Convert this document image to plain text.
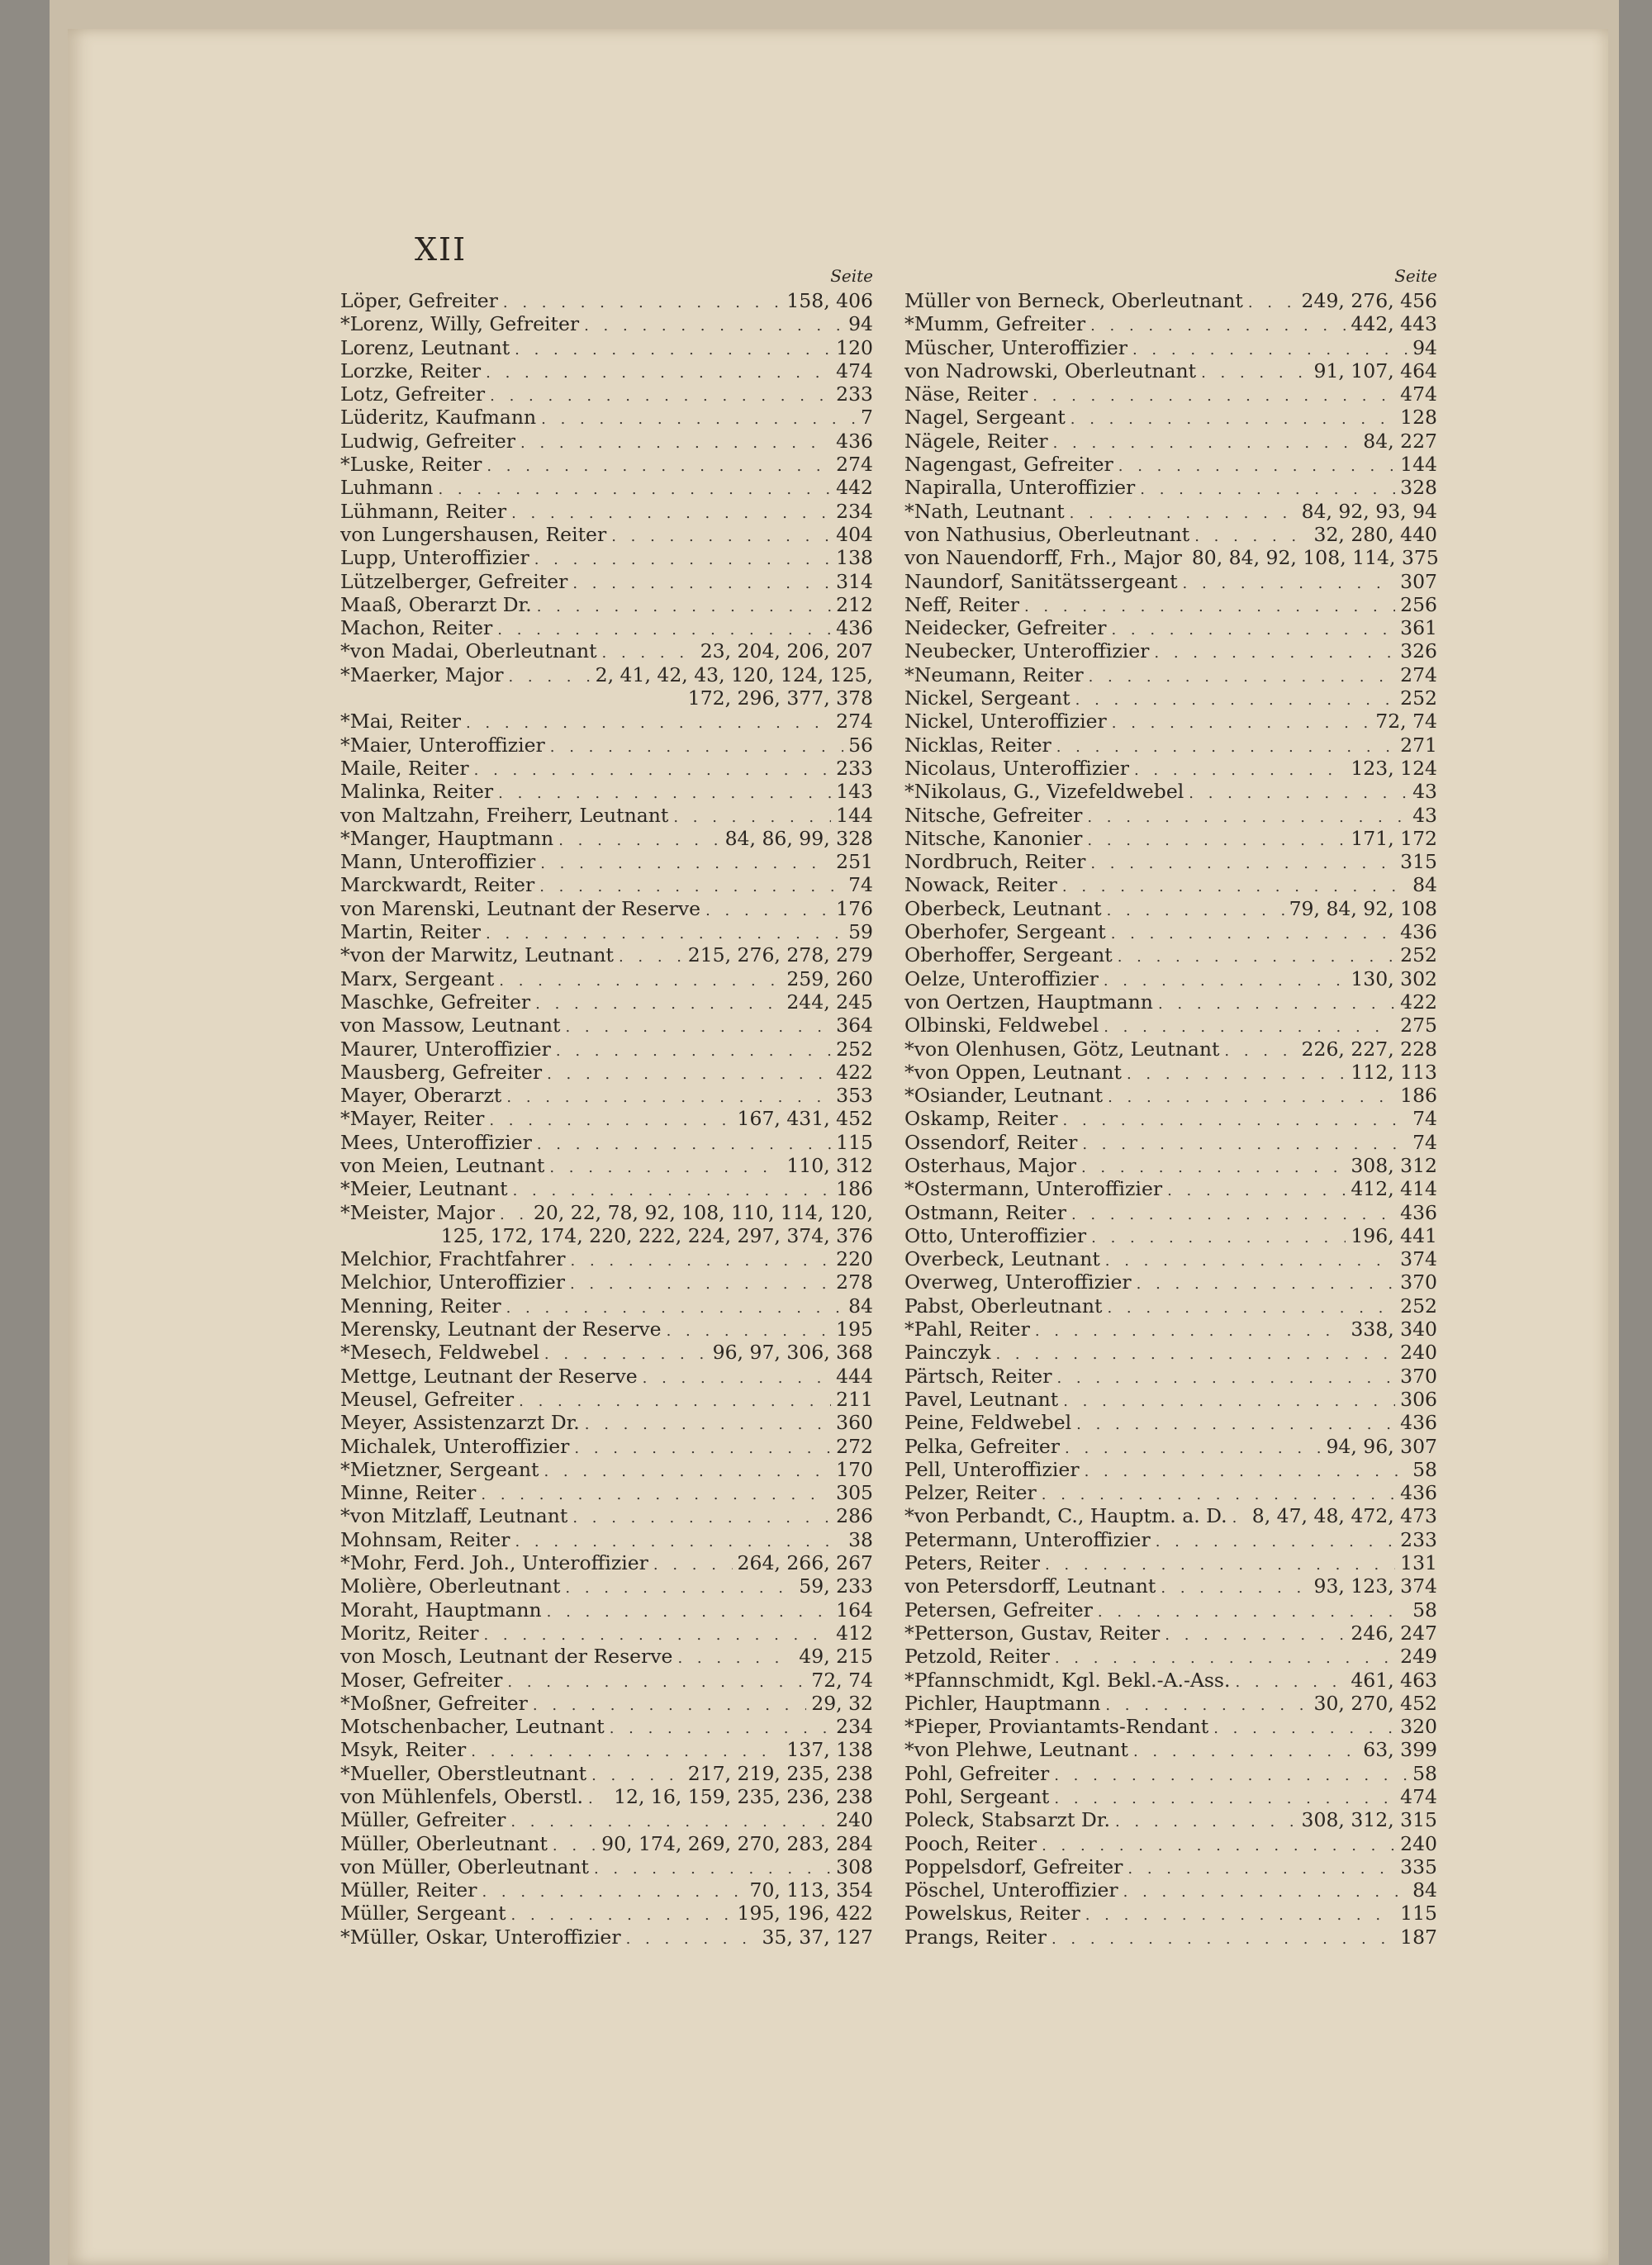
XII
Seite
Löper, Gefreiter . . .	158, 406
*Lorenz, Willy, Gefreiter . . .	94
Lorenz, Leutnant . . .	120
Lorzke, Reiter . . .	474
Lotz, Gefreiter . . .	233
Lüderitz, Kaufmann . . .	7
Ludwig, Gefreiter . . .	436
*Luske, Reiter . . .	274
Luhmann . . .	442
Lühmann, Reiter . . .	234
von Lungershausen, Reiter . . .	404
Lupp, Unteroffizier . . .	138
Lützelberger, Gefreiter . . .	314
Maaß, Oberarzt Dr. . . .	212
Machon, Reiter . . .	436
*von Madai, Oberleutnant . . .	23, 204, 206, 207
*Maerker, Major . . .	2, 41, 42, 43, 120, 124, 125,
172, 296, 377, 378
*Mai, Reiter . . .	274
*Maier, Unteroffizier . . .	56
Maile, Reiter . . .	233
Malinka, Reiter . . .	143
von Maltzahn, Freiherr, Leutnant . . .	144
*Manger, Hauptmann . . .	84, 86, 99, 328
Mann, Unteroffizier . . .	251
Marckwardt, Reiter . . .	74
von Marenski, Leutnant der Reserve . . .	176
Martin, Reiter . . .	59
*von der Marwitz, Leutnant . . .	215, 276, 278, 279
Marx, Sergeant . . .	259, 260
Maschke, Gefreiter . . .	244, 245
von Massow, Leutnant . . .	364
Maurer, Unteroffizier . . .	252
Mausberg, Gefreiter . . .	422
Mayer, Oberarzt . . .	353
*Mayer, Reiter . . .	167, 431, 452
Mees, Unteroffizier . . .	115
von Meien, Leutnant . . .	110, 312
*Meier, Leutnant . . .	186
*Meister, Major . . . 20, 22, 78, 92, 108, 110, 114, 120,
125, 172, 174, 220, 222, 224, 297, 374, 376
Melchior, Frachtfahrer . . .	220
Melchior, Unteroffizier . . .	278
Menning, Reiter . . .	84
Merensky, Leutnant der Reserve . . .	195
*Mesech, Feldwebel . . .	96, 97, 306, 368
Mettge, Leutnant der Reserve . . .	444
Meusel, Gefreiter . . .	211
Meyer, Assistenzarzt Dr. . . .	360
Michalek, Unteroffizier . . .	272
*Mietzner, Sergeant . . .	170
Minne, Reiter . . .	305
*von Mitzlaff, Leutnant . . .	286
Mohnsam, Reiter . . .	38
*Mohr, Ferd. Joh., Unteroffizier . . .	264, 266, 267
Molière, Oberleutnant . . .	59, 233
Moraht, Hauptmann . . .	164
Moritz, Reiter . . .	412
von Mosch, Leutnant der Reserve . . .	49, 215
Moser, Gefreiter . . .	72, 74
*Moßner, Gefreiter . . .	29, 32
Motschenbacher, Leutnant . . .	234
Msyk, Reiter . . .	137, 138
*Mueller, Oberstleutnant . . .	217, 219, 235, 238
von Mühlenfels, Oberstl. . . . 12, 16, 159, 235, 236, 238
Müller, Gefreiter . . .	240
Müller, Oberleutnant . . .	90, 174, 269, 270, 283, 284
von Müller, Oberleutnant . . .	308
Müller, Reiter . . .	70, 113, 354
Müller, Sergeant . . .	195, 196, 422
*Müller, Oskar, Unteroffizier . . .	35, 37, 127
Seite
Müller von Berneck, Oberleutnant . . .	249, 276, 456
*Mumm, Gefreiter . . .	442, 443
Müscher, Unteroffizier . . .	94
von Nadrowski, Oberleutnant . . .	91, 107, 464
Näse, Reiter . . .	474
Nagel, Sergeant . . .	128
Nägele, Reiter . . .	84, 227
Nagengast, Gefreiter . . .	144
Napiralla, Unteroffizier . . .	328
*Nath, Leutnant . . .	84, 92, 93, 94
von Nathusius, Oberleutnant . . .	32, 280, 440
von Nauendorff, Frh., Major 80, 84, 92, 108, 114, 375
Naundorf, Sanitätssergeant . . .	307
Neff, Reiter . . .	256
Neidecker, Gefreiter . . .	361
Neubecker, Unteroffizier . . .	326
*Neumann, Reiter . . .	274
Nickel, Sergeant . . .	252
Nickel, Unteroffizier . . .	72, 74
Nicklas, Reiter . . .	271
Nicolaus, Unteroffizier . . .	123, 124
*Nikolaus, G., Vizefeldwebel . . .	43
Nitsche, Gefreiter . . .	43
Nitsche, Kanonier . . .	171, 172
Nordbruch, Reiter . . .	315
Nowack, Reiter . . .	84
Oberbeck, Leutnant . . .	79, 84, 92, 108
Oberhofer, Sergeant . . .	436
Oberhoffer, Sergeant . . .	252
Oelze, Unteroffizier . . .	130, 302
von Oertzen, Hauptmann . . .	422
Olbinski, Feldwebel . . .	275
*von Olenhusen, Götz, Leutnant . . .	226, 227, 228
*von Oppen, Leutnant . . .	112, 113
*Osiander, Leutnant . . .	186
Oskamp, Reiter . . .	74
Ossendorf, Reiter . . .	74
Osterhaus, Major . . .	308, 312
*Ostermann, Unteroffizier . . .	412, 414
Ostmann, Reiter . . .	436
Otto, Unteroffizier . . .	196, 441
Overbeck, Leutnant . . .	374
Overweg, Unteroffizier . . .	370
Pabst, Oberleutnant . . .	252
*Pahl, Reiter . . .	338, 340
Painczyk . . .	240
Pärtsch, Reiter . . .	370
Pavel, Leutnant . . .	306
Peine, Feldwebel . . .	436
Pelka, Gefreiter . . .	94, 96, 307
Pell, Unteroffizier . . .	58
Pelzer, Reiter . . .	436
*von Perbandt, C., Hauptm. a. D. . . . 8, 47, 48, 472, 473
Petermann, Unteroffizier . . .	233
Peters, Reiter . . .	131
von Petersdorff, Leutnant . . .	93, 123, 374
Petersen, Gefreiter . . .	58
*Petterson, Gustav, Reiter . . .	246, 247
Petzold, Reiter . . .	249
*Pfannschmidt, Kgl. Bekl.-A.-Ass. . . .	461, 463
Pichler, Hauptmann . . .	30, 270, 452
*Pieper, Proviantamts-Rendant . . .	320
*von Plehwe, Leutnant . . .	63, 399
Pohl, Gefreiter . . .	58
Pohl, Sergeant . . .	474
Poleck, Stabsarzt Dr. . . .	308, 312, 315
Pooch, Reiter . . .	240
Poppelsdorf, Gefreiter . . .	335
Pöschel, Unteroffizier . . .	84
Powelskus, Reiter . . .	115
Prangs, Reiter . . .	187
